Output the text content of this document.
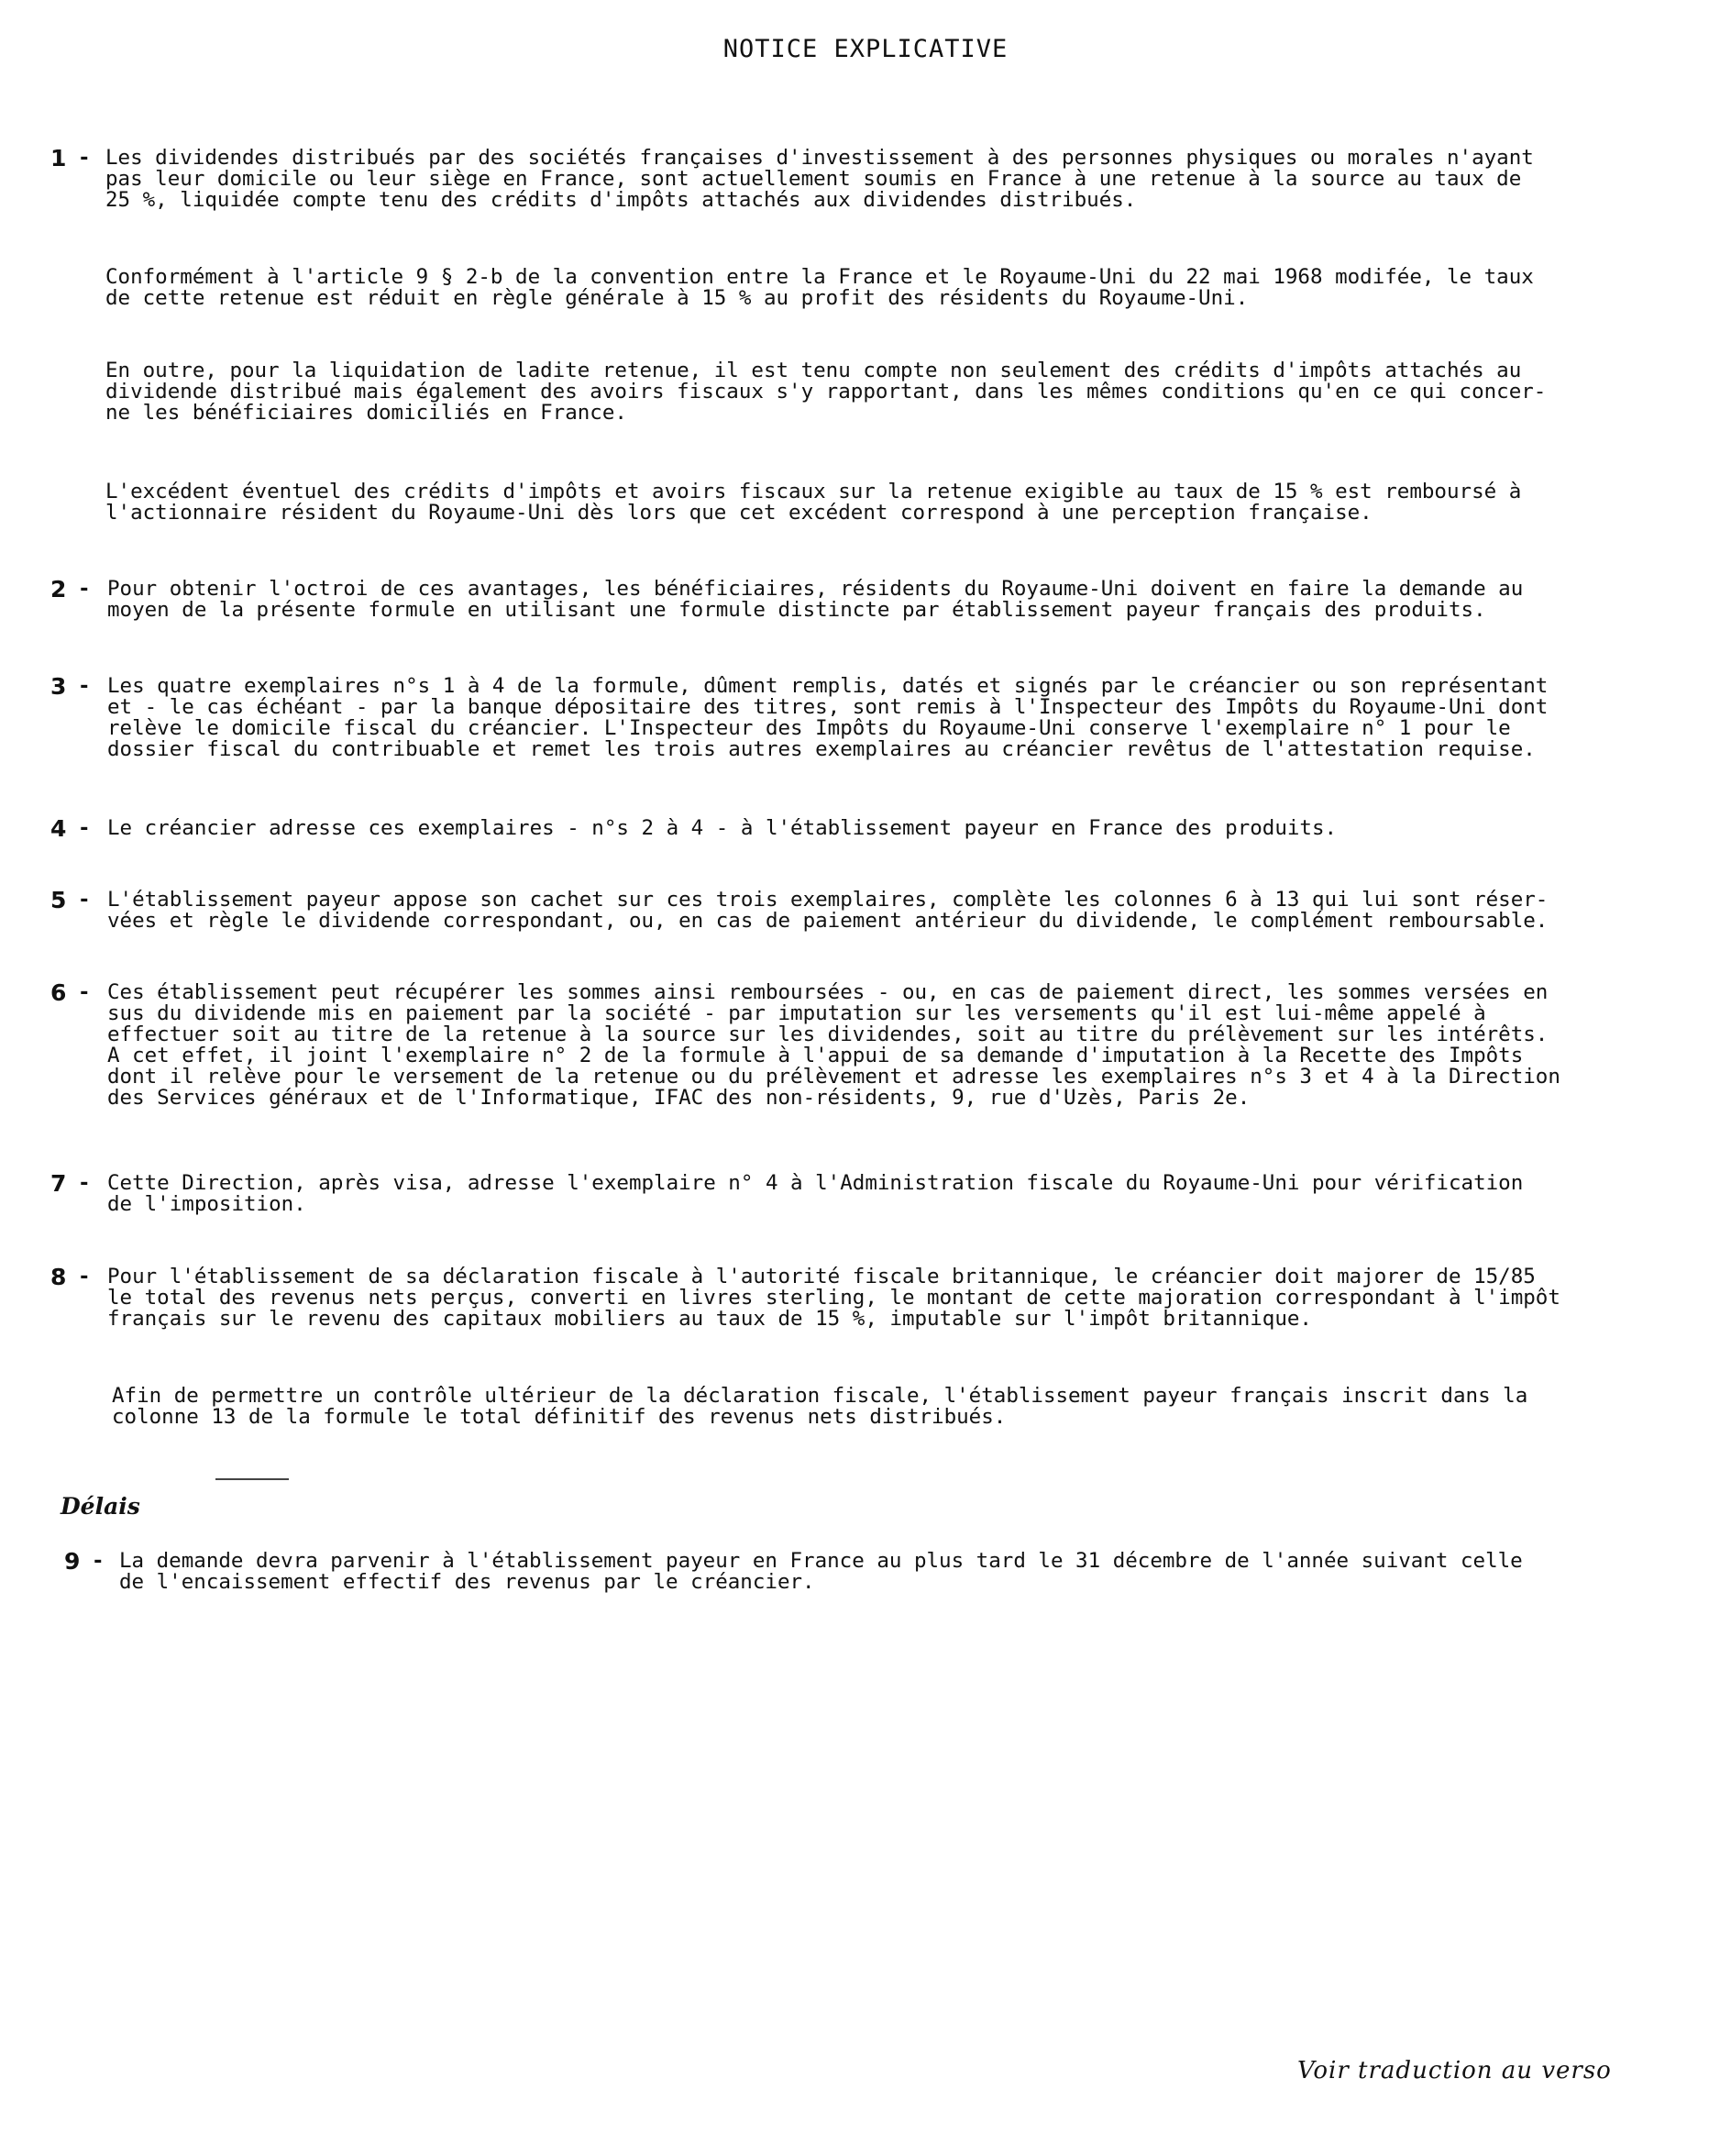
NOTICE EXPLICATIVE
1 - Les dividendes distribués par des sociétés françaises d'investissement à des personnes physiques ou morales n'ayant
pas leur domicile ou leur siège en France, sont actuellement soumis en France à une retenue à la source au taux de
25 %, liquidée compte tenu des crédits d'impôts attachés aux dividendes distribués.
Conformément à l'article 9 § 2-b de la convention entre la France et le Royaume-Uni du 22 mai 1968 modifée, le taux
de cette retenue est réduit en règle générale à 15 % au profit des résidents du Royaume-Uni.
En outre, pour la liquidation de ladite retenue, il est tenu compte non seulement des crédits d'impôts attachés au
dividende distribué mais également des avoirs fiscaux s'y rapportant, dans les mêmes conditions qu'en ce qui concer-
ne les bénéficiaires domiciliés en France.
L'excédent éventuel des crédits d'impôts et avoirs fiscaux sur la retenue exigible au taux de 15 % est remboursé à
l'actionnaire résident du Royaume-Uni dès lors que cet excédent correspond à une perception française.
2 - Pour obtenir l'octroi de ces avantages, les bénéficiaires, résidents du Royaume-Uni doivent en faire la demande au
moyen de la présente formule en utilisant une formule distincte par établissement payeur français des produits.
3 - Les quatre exemplaires n°s 1 à 4 de la formule, dûment remplis, datés et signés par le créancier ou son représentant
et - le cas échéant - par la banque dépositaire des titres, sont remis à l'Inspecteur des Impôts du Royaume-Uni dont
relève le domicile fiscal du créancier. L'Inspecteur des Impôts du Royaume-Uni conserve l'exemplaire n° 1 pour le
dossier fiscal du contribuable et remet les trois autres exemplaires au créancier revêtus de l'attestation requise.
4 - Le créancier adresse ces exemplaires - n°s 2 à 4 - à l'établissement payeur en France des produits.
5 - L'établissement payeur appose son cachet sur ces trois exemplaires, complète les colonnes 6 à 13 qui lui sont réser-
vées et règle le dividende correspondant, ou, en cas de paiement antérieur du dividende, le complément remboursable.
6 - Ces établissement peut récupérer les sommes ainsi remboursées - ou, en cas de paiement direct, les sommes versées en
sus du dividende mis en paiement par la société - par imputation sur les versements qu'il est lui-même appelé à
effectuer soit au titre de la retenue à la source sur les dividendes, soit au titre du prélèvement sur les intérêts.
A cet effet, il joint l'exemplaire n° 2 de la formule à l'appui de sa demande d'imputation à la Recette des Impôts
dont il relève pour le versement de la retenue ou du prélèvement et adresse les exemplaires n°s 3 et 4 à la Direction
des Services généraux et de l'Informatique, IFAC des non-résidents, 9, rue d'Uzès, Paris 2e.
7 - Cette Direction, après visa, adresse l'exemplaire n° 4 à l'Administration fiscale du Royaume-Uni pour vérification
de l'imposition.
8 - Pour l'établissement de sa déclaration fiscale à l'autorité fiscale britannique, le créancier doit majorer de 15/85
le total des revenus nets perçus, converti en livres sterling, le montant de cette majoration correspondant à l'impôt
français sur le revenu des capitaux mobiliers au taux de 15 %, imputable sur l'impôt britannique.
Afin de permettre un contrôle ultérieur de la déclaration fiscale, l'établissement payeur français inscrit dans la
colonne 13 de la formule le total définitif des revenus nets distribués.
Délais
9 - La demande devra parvenir à l'établissement payeur en France au plus tard le 31 décembre de l'année suivant celle
de l'encaissement effectif des revenus par le créancier.
Voir traduction au verso
